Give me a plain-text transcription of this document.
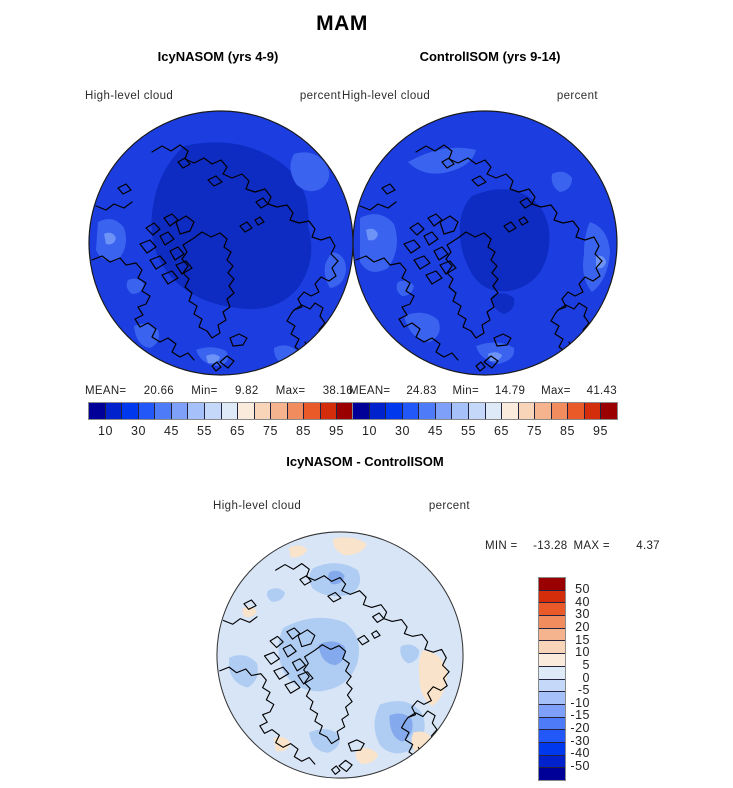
MAM
IcyNASOM (yrs 4-9)	ControlISOM (yrs 9-14)
High-level cloud	percent High-level cloud	percent
MEAN= 20.66 Min= 9.82 Max= 38.16
MEAN= 24.83 Min= 14.79 Max= 41.43
10 30 45 55 65 75 85 95 10 30 45 55 65 75 85 95
IcyNASOM - ControlISOM
High-level cloud	percent
MIN =	-13.28 MAX =	4.37
50
40
30
20
15
10
5
0
-5
-10
-15
-20
-30
-40
-50
